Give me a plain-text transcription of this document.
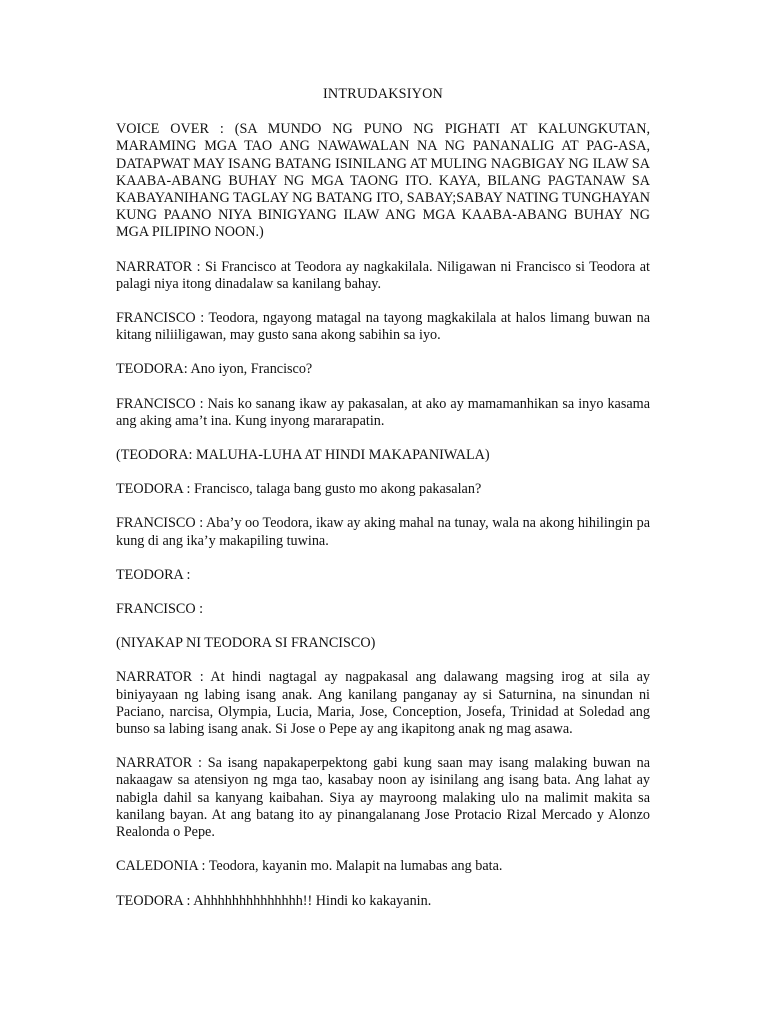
INTRUDAKSIYON

VOICE OVER : (SA MUNDO NG PUNO NG PIGHATI AT KALUNGKUTAN, MARAMING MGA TAO ANG NAWAWALAN NA NG PANANALIG AT PAG-ASA, DATAPWAT MAY ISANG BATANG ISINILANG AT MULING NAGBIGAY NG ILAW SA KAABA-ABANG BUHAY NG MGA TAONG ITO. KAYA, BILANG PAGTANAW SA KABAYANIHANG TAGLAY NG BATANG ITO, SABAY;SABAY NATING TUNGHAYAN KUNG PAANO NIYA BINIGYANG ILAW ANG MGA KAABA-ABANG BUHAY NG MGA PILIPINO NOON.)

NARRATOR : Si Francisco at Teodora ay nagkakilala. Niligawan ni Francisco si Teodora at palagi niya itong dinadalaw sa kanilang bahay.

FRANCISCO : Teodora, ngayong matagal na tayong magkakilala at halos limang buwan na kitang niliiligawan, may gusto sana akong sabihin sa iyo.

TEODORA: Ano iyon, Francisco?

FRANCISCO : Nais ko sanang ikaw ay pakasalan, at ako ay mamamanhikan sa inyo kasama ang aking ama’t ina. Kung inyong mararapatin.

(TEODORA: MALUHA-LUHA AT HINDI MAKAPANIWALA)

TEODORA : Francisco, talaga bang gusto mo akong pakasalan?

FRANCISCO : Aba’y oo Teodora, ikaw ay aking mahal na tunay, wala na akong hihilingin pa kung di ang ika’y makapiling tuwina.

TEODORA :

FRANCISCO :

(NIYAKAP NI TEODORA SI FRANCISCO)

NARRATOR : At hindi nagtagal ay nagpakasal ang dalawang magsing irog at sila ay biniyayaan ng labing isang anak. Ang kanilang panganay ay si Saturnina, na sinundan ni Paciano, narcisa, Olympia, Lucia, Maria, Jose, Conception, Josefa, Trinidad at Soledad ang bunso sa labing isang anak. Si Jose o Pepe ay ang ikapitong anak ng mag asawa.

NARRATOR : Sa isang napakaperpektong gabi kung saan may isang malaking buwan na nakaagaw sa atensiyon ng mga tao, kasabay noon ay isinilang ang isang bata. Ang lahat ay nabigla dahil sa kanyang kaibahan. Siya ay mayroong malaking ulo na malimit makita sa kanilang bayan. At ang batang ito ay pinangalanang Jose Protacio Rizal Mercado y Alonzo Realonda o Pepe.

CALEDONIA : Teodora, kayanin mo. Malapit na lumabas ang bata.

TEODORA : Ahhhhhhhhhhhhhh!! Hindi ko kakayanin.
